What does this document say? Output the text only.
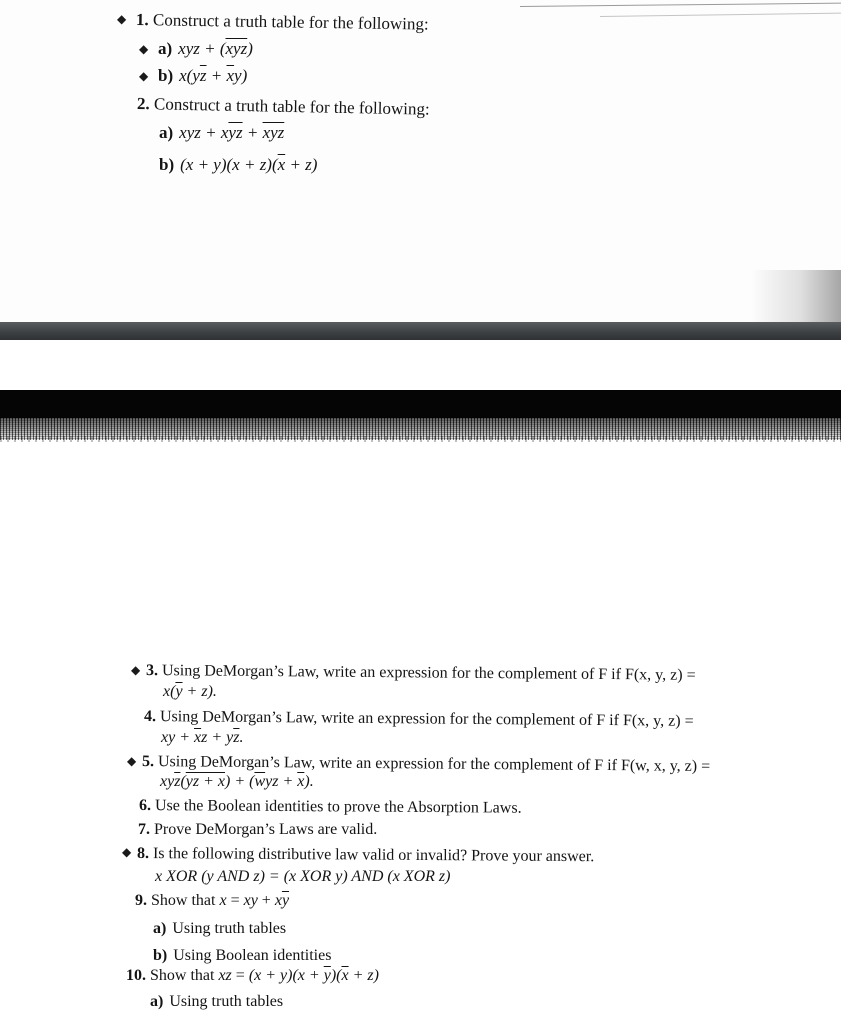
◆ 1. Construct a truth table for the following:
◆ a) xyz + $(\overline{xyz})$
◆ b) $x(y\overline{z} + \overline{x}y)$
2. Construct a truth table for the following:
a) xyz + $x\overline{yz} + \overline{xyz}$
b) $(x + y)(x + z)(\overline{x} + z)$
◆ 3. Using DeMorgan’s Law, write an expression for the complement of F if F(x, y, z) =
$x(\overline{y} + z)$.
4. Using DeMorgan’s Law, write an expression for the complement of F if F(x, y, z) =
xy + $\overline{x}z + y\overline{z}$.
◆ 5. Using DeMorgan’s Law, write an expression for the complement of F if F(w, x, y, z) =
$xy\overline{z}(yz + x) + (\overline{w}yz + \overline{x})$.
6. Use the Boolean identities to prove the Absorption Laws.
7. Prove DeMorgan’s Laws are valid.
◆ 8. Is the following distributive law valid or invalid? Prove your answer.
x XOR (y AND z) = (x XOR y) AND (x XOR z)
9. Show that x = xy + $x\overline{y}$
a) Using truth tables
b) Using Boolean identities
10. Show that xz = $(x + y)(x + \overline{y})(\overline{x} + z)$
a) Using truth tables
